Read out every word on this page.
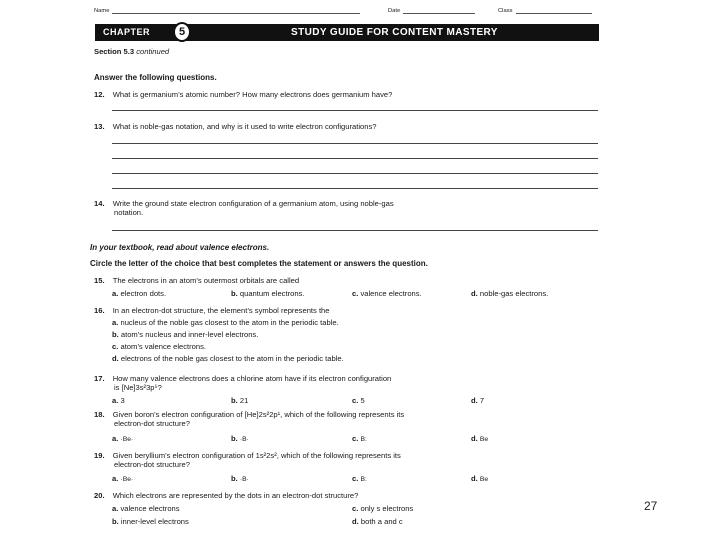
Name	Date	Class
CHAPTER	5	STUDY GUIDE FOR CONTENT MASTERY
Section 5.3 continued
Answer the following questions.
12. What is germanium’s atomic number? How many electrons does germanium have?
13. What is noble-gas notation, and why is it used to write electron configurations?
14. Write the ground state electron configuration of a germanium atom, using noble-gas
notation.
In your textbook, read about valence electrons.
Circle the letter of the choice that best completes the statement or answers the question.
15. The electrons in an atom’s outermost orbitals are called
a. electron dots.	b. quantum electrons.	c. valence electrons.	d. noble-gas electrons.
16. In an electron-dot structure, the element’s symbol represents the
a. nucleus of the noble gas closest to the atom in the periodic table.
b. atom’s nucleus and inner-level electrons.
c. atom’s valence electrons.
d. electrons of the noble gas closest to the atom in the periodic table.
17. How many valence electrons does a chlorine atom have if its electron configuration
is [Ne]3s²3p⁵?
a. 3	b. 21	c. 5	d. 7
18. Given boron’s electron configuration of [He]2s²2p¹, which of the following represents its
electron-dot structure?
a. ·Be·	b. ·B·	c. B:	d. Be
19. Given beryllium’s electron configuration of 1s²2s², which of the following represents its
electron-dot structure?
a. ·Be·	b. ·B·	c. B:	d. Be
20. Which electrons are represented by the dots in an electron-dot structure?
a. valence electrons	c. only s electrons
b. inner-level electrons	d. both a and c
27
